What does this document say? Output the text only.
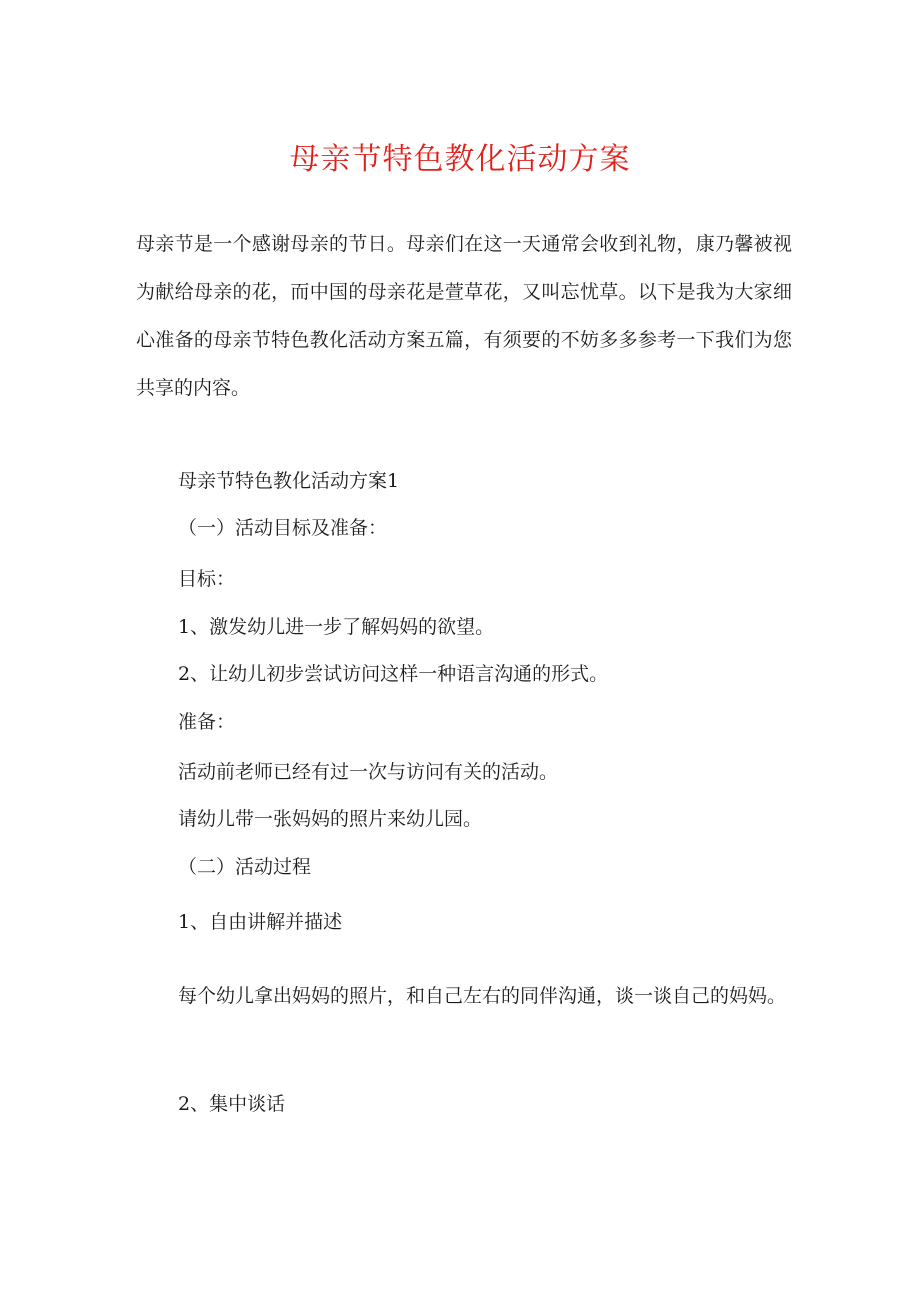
母亲节特色教化活动方案
母亲节是一个感谢母亲的节日。母亲们在这一天通常会收到礼物，康乃馨被视为献给母亲的花，而中国的母亲花是萱草花，又叫忘忧草。以下是我为大家细心准备的母亲节特色教化活动方案五篇，有须要的不妨多多参考一下我们为您共享的内容。
母亲节特色教化活动方案1
（一）活动目标及准备：
目标：
1、激发幼儿进一步了解妈妈的欲望。
2、让幼儿初步尝试访问这样一种语言沟通的形式。
准备：
活动前老师已经有过一次与访问有关的活动。
请幼儿带一张妈妈的照片来幼儿园。
（二）活动过程
1、自由讲解并描述
每个幼儿拿出妈妈的照片，和自己左右的同伴沟通，谈一谈自己的妈妈。
2、集中谈话
